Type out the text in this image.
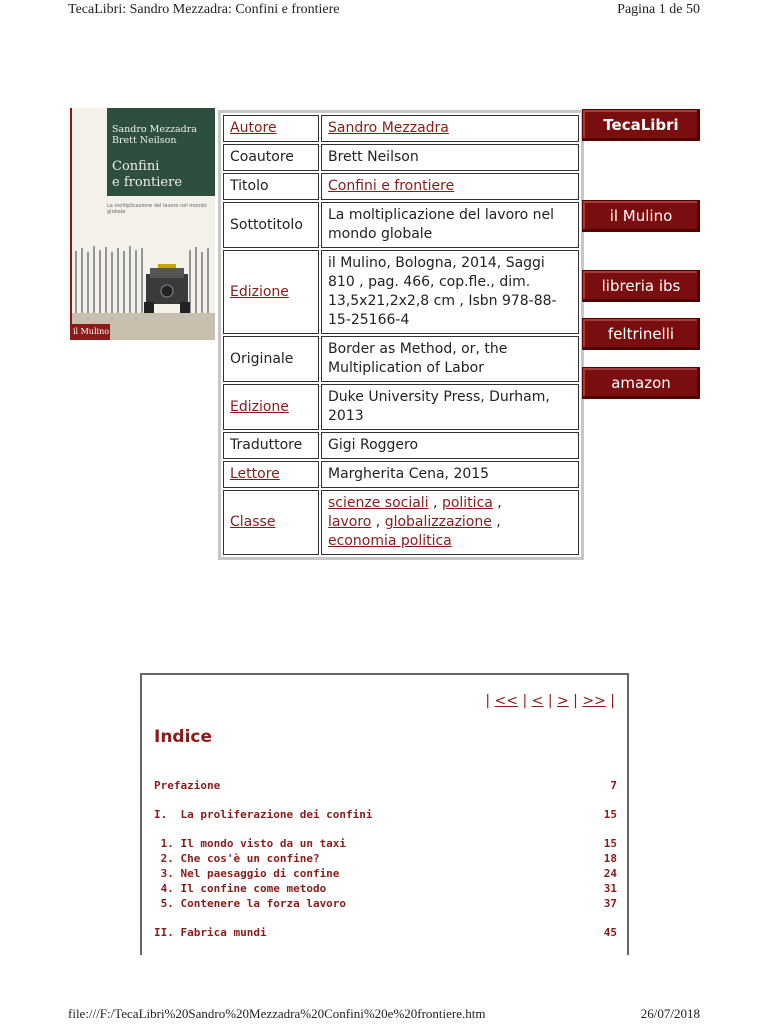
TecaLibri: Sandro Mezzadra: Confini e frontiere	Pagina 1 de 50
Sandro Mezzadra
Brett Neilson
Confini
e frontiere
La moltiplicazione del lavoro nel mondo globale
il Mulino
Autore	Sandro Mezzadra
Coautore	Brett Neilson
Titolo	Confini e frontiere
Sottotitolo	La moltiplicazione del lavoro nel mondo globale
Edizione	il Mulino, Bologna, 2014, Saggi 810 , pag. 466, cop.fle., dim. 13,5x21,2x2,8 cm , Isbn 978-88-15-25166-4
Originale	Border as Method, or, the Multiplication of Labor
Edizione	Duke University Press, Durham, 2013
Traduttore	Gigi Roggero
Lettore	Margherita Cena, 2015
Classe	scienze sociali , politica ,
lavoro , globalizzazione ,
economia politica
TecaLibri
il Mulino
libreria ibs
feltrinelli
amazon
| << | < | > | >> |
Indice
Prefazione	7
I.  La proliferazione dei confini	15
1. Il mondo visto da un taxi	15
2. Che cos'è un confine?	18
3. Nel paesaggio di confine	24
4. Il confine come metodo	31
5. Contenere la forza lavoro	37
II. Fabrica mundi	45
file:///F:/TecaLibri%20Sandro%20Mezzadra%20Confini%20e%20frontiere.htm	26/07/2018
